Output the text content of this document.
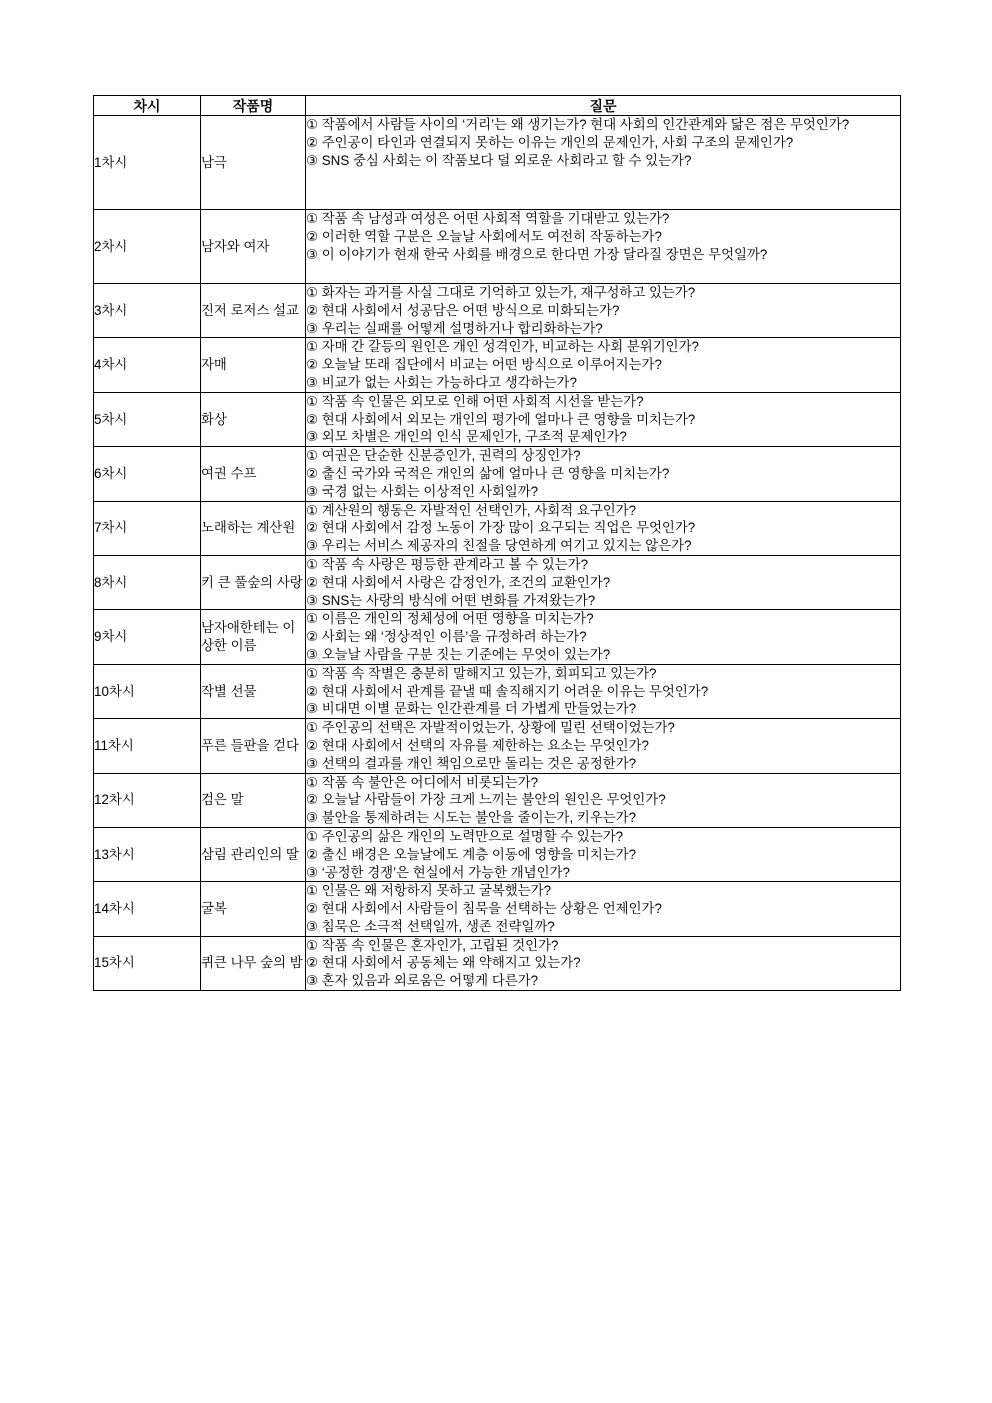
차시	작품명	질문
1차시	남극	① 작품에서 사람들 사이의 ‘거리’는 왜 생기는가? 현대 사회의 인간관계와 닮은 점은 무엇인가?
② 주인공이 타인과 연결되지 못하는 이유는 개인의 문제인가, 사회 구조의 문제인가?
③ SNS 중심 사회는 이 작품보다 덜 외로운 사회라고 할 수 있는가?

2차시	남자와 여자	① 작품 속 남성과 여성은 어떤 사회적 역할을 기대받고 있는가?
② 이러한 역할 구분은 오늘날 사회에서도 여전히 작동하는가?
③ 이 이야기가 현재 한국 사회를 배경으로 한다면 가장 달라질 장면은 무엇일까?

3차시	진저 로저스 설교	① 화자는 과거를 사실 그대로 기억하고 있는가, 재구성하고 있는가?
② 현대 사회에서 성공담은 어떤 방식으로 미화되는가?
③ 우리는 실패를 어떻게 설명하거나 합리화하는가?

4차시	자매	① 자매 간 갈등의 원인은 개인 성격인가, 비교하는 사회 분위기인가?
② 오늘날 또래 집단에서 비교는 어떤 방식으로 이루어지는가?
③ 비교가 없는 사회는 가능하다고 생각하는가?

5차시	화상	① 작품 속 인물은 외모로 인해 어떤 사회적 시선을 받는가?
② 현대 사회에서 외모는 개인의 평가에 얼마나 큰 영향을 미치는가?
③ 외모 차별은 개인의 인식 문제인가, 구조적 문제인가?

6차시	여권 수프	① 여권은 단순한 신분증인가, 권력의 상징인가?
② 출신 국가와 국적은 개인의 삶에 얼마나 큰 영향을 미치는가?
③ 국경 없는 사회는 이상적인 사회일까?

7차시	노래하는 계산원	① 계산원의 행동은 자발적인 선택인가, 사회적 요구인가?
② 현대 사회에서 감정 노동이 가장 많이 요구되는 직업은 무엇인가?
③ 우리는 서비스 제공자의 친절을 당연하게 여기고 있지는 않은가?

8차시	키 큰 풀숲의 사랑	① 작품 속 사랑은 평등한 관계라고 볼 수 있는가?
② 현대 사회에서 사랑은 감정인가, 조건의 교환인가?
③ SNS는 사랑의 방식에 어떤 변화를 가져왔는가?

9차시	남자애한테는 이상한 이름	① 이름은 개인의 정체성에 어떤 영향을 미치는가?
② 사회는 왜 ‘정상적인 이름’을 규정하려 하는가?
③ 오늘날 사람을 구분 짓는 기준에는 무엇이 있는가?

10차시	작별 선물	① 작품 속 작별은 충분히 말해지고 있는가, 회피되고 있는가?
② 현대 사회에서 관계를 끝낼 때 솔직해지기 어려운 이유는 무엇인가?
③ 비대면 이별 문화는 인간관계를 더 가볍게 만들었는가?

11차시	푸른 들판을 걷다	① 주인공의 선택은 자발적이었는가, 상황에 밀린 선택이었는가?
② 현대 사회에서 선택의 자유를 제한하는 요소는 무엇인가?
③ 선택의 결과를 개인 책임으로만 돌리는 것은 공정한가?

12차시	검은 말	① 작품 속 불안은 어디에서 비롯되는가?
② 오늘날 사람들이 가장 크게 느끼는 불안의 원인은 무엇인가?
③ 불안을 통제하려는 시도는 불안을 줄이는가, 키우는가?

13차시	삼림 관리인의 딸	① 주인공의 삶은 개인의 노력만으로 설명할 수 있는가?
② 출신 배경은 오늘날에도 계층 이동에 영향을 미치는가?
③ ‘공정한 경쟁’은 현실에서 가능한 개념인가?

14차시	굴복	① 인물은 왜 저항하지 못하고 굴복했는가?
② 현대 사회에서 사람들이 침묵을 선택하는 상황은 언제인가?
③ 침묵은 소극적 선택일까, 생존 전략일까?

15차시	퀴큰 나무 숲의 밤	① 작품 속 인물은 혼자인가, 고립된 것인가?
② 현대 사회에서 공동체는 왜 약해지고 있는가?
③ 혼자 있음과 외로움은 어떻게 다른가?
